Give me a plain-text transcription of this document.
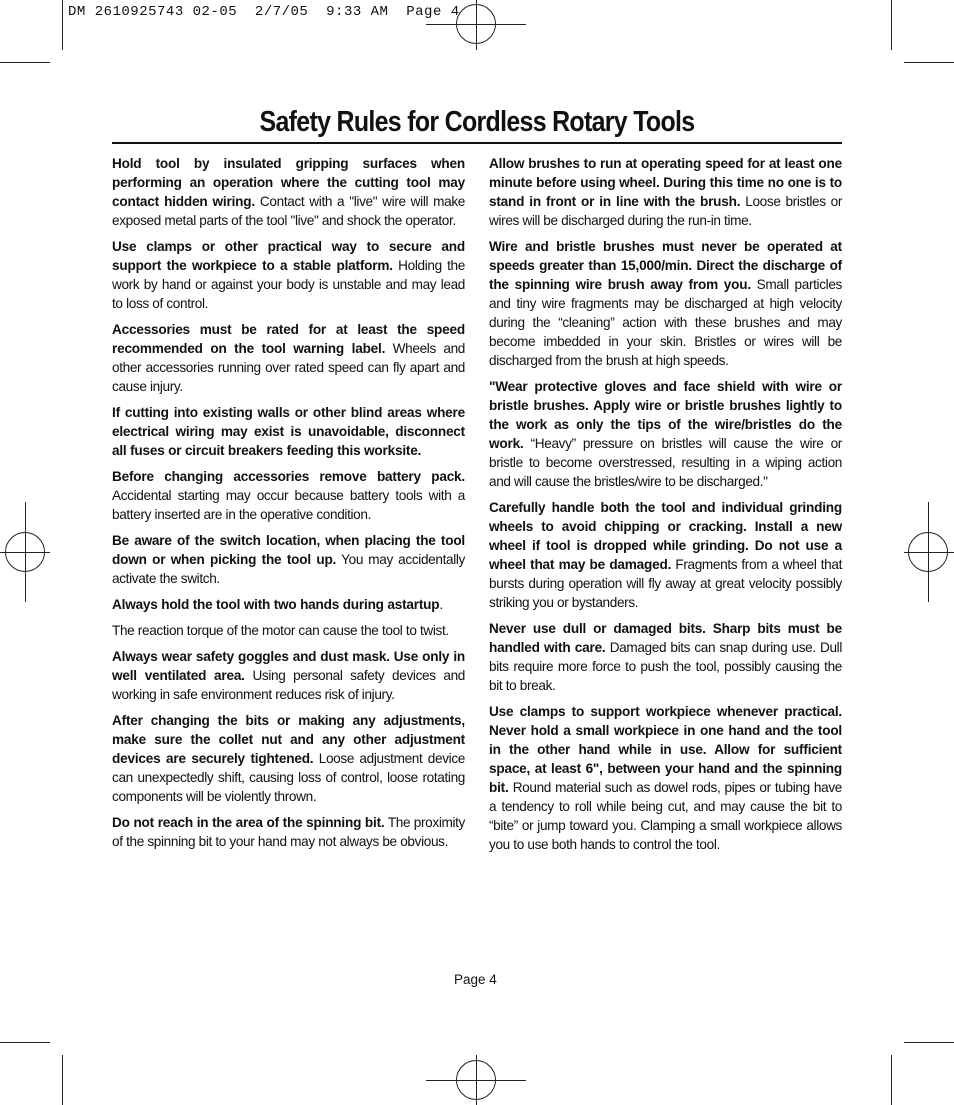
DM 2610925743 02-05  2/7/05  9:33 AM  Page 4
Safety Rules for Cordless Rotary Tools

Hold tool by insulated gripping surfaces when performing an operation where the cutting tool may contact hidden wiring. Contact with a "live" wire will make exposed metal parts of the tool "live" and shock the operator.

Use clamps or other practical way to secure and support the workpiece to a stable platform. Holding the work by hand or against your body is unstable and may lead to loss of control.

Accessories must be rated for at least the speed recommended on the tool warning label. Wheels and other accessories running over rated speed can fly apart and cause injury.

If cutting into existing walls or other blind areas where electrical wiring may exist is unavoidable, disconnect all fuses or circuit breakers feeding this worksite.

Before changing accessories remove battery pack. Accidental starting may occur because battery tools with a battery inserted are in the operative condition.

Be aware of the switch location, when placing the tool down or when picking the tool up. You may accidentally activate the switch.

Always hold the tool with two hands during astartup.

The reaction torque of the motor can cause the tool to twist.

Always wear safety goggles and dust mask. Use only in well ventilated area. Using personal safety devices and working in safe environment reduces risk of injury.

After changing the bits or making any adjustments, make sure the collet nut and any other adjustment devices are securely tightened. Loose adjustment device can unexpectedly shift, causing loss of control, loose rotating components will be violently thrown.

Do not reach in the area of the spinning bit. The proximity of the spinning bit to your hand may not always be obvious.

Allow brushes to run at operating speed for at least one minute before using wheel. During this time no one is to stand in front or in line with the brush. Loose bristles or wires will be discharged during the run-in time.

Wire and bristle brushes must never be operated at speeds greater than 15,000/min. Direct the discharge of the spinning wire brush away from you. Small particles and tiny wire fragments may be discharged at high velocity during the “cleaning” action with these brushes and may become imbedded in your skin. Bristles or wires will be discharged from the brush at high speeds.

"Wear protective gloves and face shield with wire or bristle brushes. Apply wire or bristle brushes lightly to the work as only the tips of the wire/bristles do the work. “Heavy” pressure on bristles will cause the wire or bristle to become overstressed, resulting in a wiping action and will cause the bristles/wire to be discharged."

Carefully handle both the tool and individual grinding wheels to avoid chipping or cracking. Install a new wheel if tool is dropped while grinding. Do not use a wheel that may be damaged. Fragments from a wheel that bursts during operation will fly away at great velocity possibly striking you or bystanders.

Never use dull or damaged bits. Sharp bits must be handled with care. Damaged bits can snap during use. Dull bits require more force to push the tool, possibly causing the bit to break.

Use clamps to support workpiece whenever practical. Never hold a small workpiece in one hand and the tool in the other hand while in use. Allow for sufficient space, at least 6", between your hand and the spinning bit. Round material such as dowel rods, pipes or tubing have a tendency to roll while being cut, and may cause the bit to “bite” or jump toward you. Clamping a small workpiece allows you to use both hands to control the tool.

Page 4
